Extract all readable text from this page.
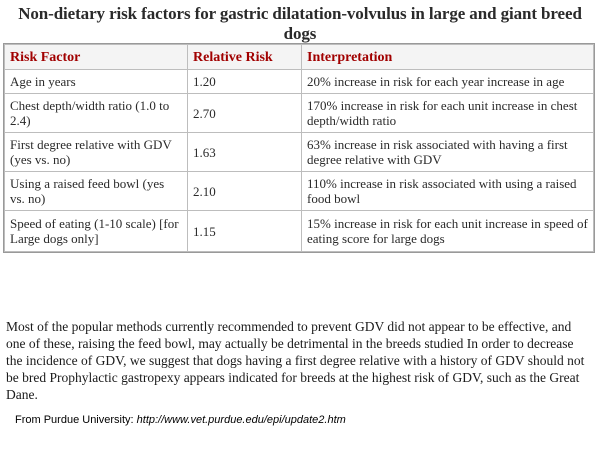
Non-dietary risk factors for gastric dilatation-volvulus in large and giant breed dogs
Risk Factor	Relative Risk	Interpretation
Age in years	1.20	20% increase in risk for each year increase in age
Chest depth/width ratio (1.0 to 2.4)	2.70	170% increase in risk for each unit increase in chest depth/width ratio
First degree relative with GDV (yes vs. no)	1.63	63% increase in risk associated with having a first degree relative with GDV
Using a raised feed bowl (yes vs. no)	2.10	110% increase in risk associated with using a raised food bowl
Speed of eating (1-10 scale) [for Large dogs only]	1.15	15% increase in risk for each unit increase in speed of eating score for large dogs
Most of the popular methods currently recommended to prevent GDV did not appear to be effective, and one of these, raising the feed bowl, may actually be detrimental in the breeds studied In order to decrease the incidence of GDV, we suggest that dogs having a first degree relative with a history of GDV should not be bred Prophylactic gastropexy appears indicated for breeds at the highest risk of GDV, such as the Great Dane.
From Purdue University: http://www.vet.purdue.edu/epi/update2.htm
